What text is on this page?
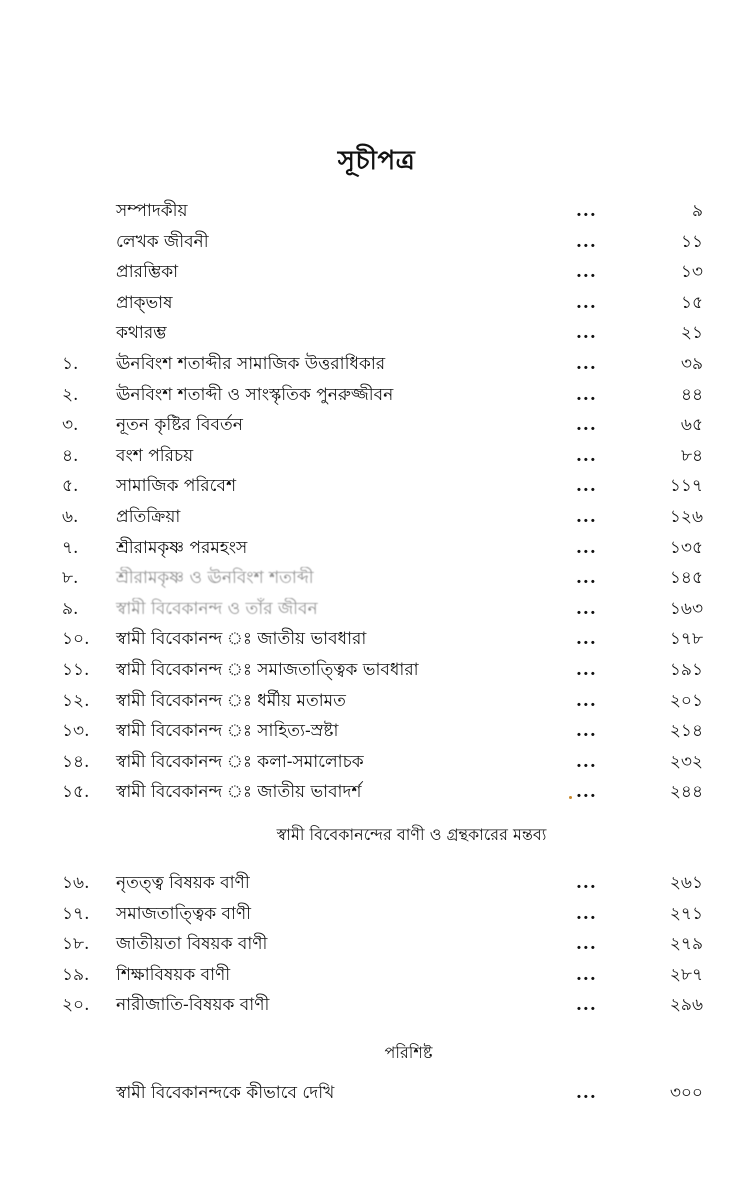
সূচীপত্র
সম্পাদকীয়	...	৯
লেখক জীবনী	...	১১
প্রারম্ভিকা	...	১৩
প্রাক্‌ভাষ	...	১৫
কথারম্ভ	...	২১
১.	ঊনবিংশ শতাব্দীর সামাজিক উত্তরাধিকার	...	৩৯
২.	ঊনবিংশ শতাব্দী ও সাংস্কৃতিক পুনরুজ্জীবন	...	৪৪
৩.	নূতন কৃষ্টির বিবর্তন	...	৬৫
৪.	বংশ পরিচয়	...	৮৪
৫.	সামাজিক পরিবেশ	...	১১৭
৬.	প্রতিক্রিয়া	...	১২৬
৭.	শ্রীরামকৃষ্ণ পরমহংস	...	১৩৫
৮.	শ্রীরামকৃষ্ণ ও ঊনবিংশ শতাব্দী	...	১৪৫
৯.	স্বামী বিবেকানন্দ ও তাঁর জীবন	...	১৬৩
১০.	স্বামী বিবেকানন্দ ঃ জাতীয় ভাবধারা	...	১৭৮
১১.	স্বামী বিবেকানন্দ ঃ সমাজতাত্ত্বিক ভাবধারা	...	১৯১
১২.	স্বামী বিবেকানন্দ ঃ ধর্মীয় মতামত	...	২০১
১৩.	স্বামী বিবেকানন্দ ঃ সাহিত্য-স্রষ্টা	...	২১৪
১৪.	স্বামী বিবেকানন্দ ঃ কলা-সমালোচক	...	২৩২
১৫.	স্বামী বিবেকানন্দ ঃ জাতীয় ভাবাদর্শ	...	২৪৪
স্বামী বিবেকানন্দের বাণী ও গ্রন্থকারের মন্তব্য
১৬.	নৃতত্ত্ব বিষয়ক বাণী	...	২৬১
১৭.	সমাজতাত্ত্বিক বাণী	...	২৭১
১৮.	জাতীয়তা বিষয়ক বাণী	...	২৭৯
১৯.	শিক্ষাবিষয়ক বাণী	...	২৮৭
২০.	নারীজাতি-বিষয়ক বাণী	...	২৯৬
পরিশিষ্ট
স্বামী বিবেকানন্দকে কীভাবে দেখি	...	৩০০
